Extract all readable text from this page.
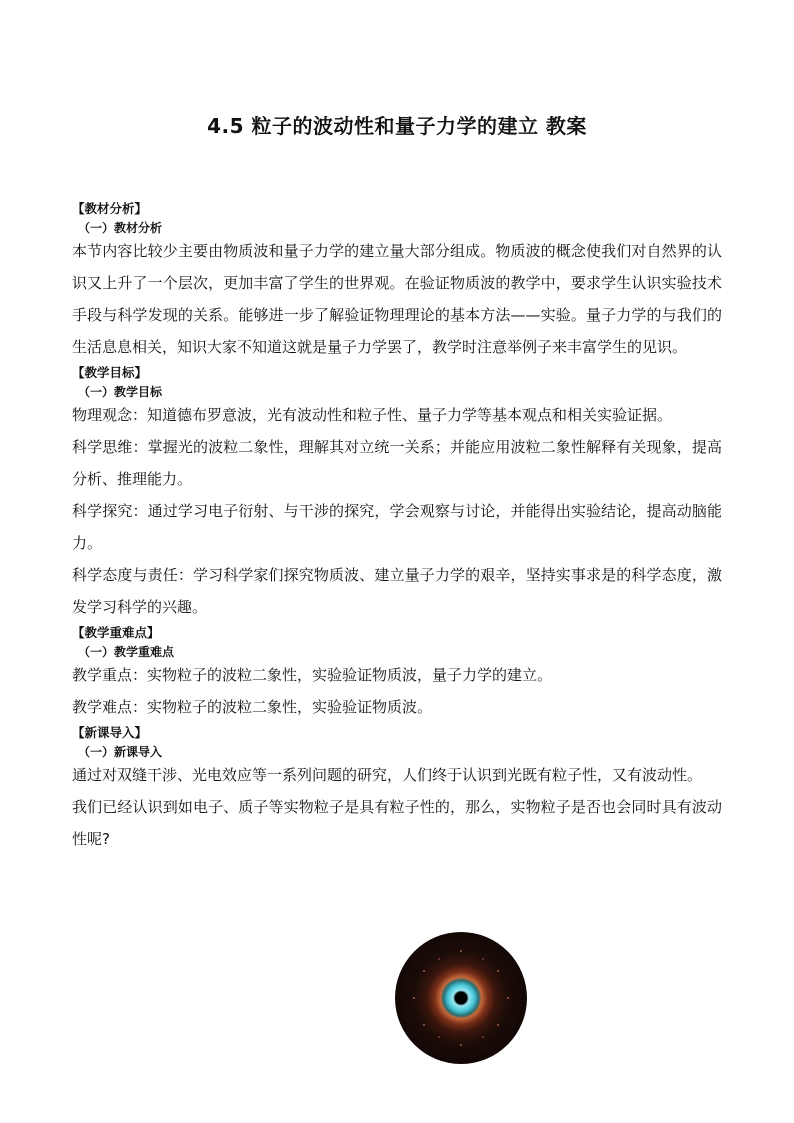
4.5 粒子的波动性和量子力学的建立 教案

【教材分析】

（一）教材分析

本节内容比较少主要由物质波和量子力学的建立量大部分组成。物质波的概念使我们对自然界的认识又上升了一个层次，更加丰富了学生的世界观。在验证物质波的教学中，要求学生认识实验技术手段与科学发现的关系。能够进一步了解验证物理理论的基本方法——实验。量子力学的与我们的生活息息相关，知识大家不知道这就是量子力学罢了，教学时注意举例子来丰富学生的见识。

【教学目标】

（一）教学目标

物理观念：知道德布罗意波，光有波动性和粒子性、量子力学等基本观点和相关实验证据。

科学思维：掌握光的波粒二象性，理解其对立统一关系；并能应用波粒二象性解释有关现象，提高分析、推理能力。

科学探究：通过学习电子衍射、与干涉的探究，学会观察与讨论，并能得出实验结论，提高动脑能力。

科学态度与责任：学习科学家们探究物质波、建立量子力学的艰辛，坚持实事求是的科学态度，激发学习科学的兴趣。

【教学重难点】

（一）教学重难点

教学重点：实物粒子的波粒二象性，实验验证物质波，量子力学的建立。

教学难点：实物粒子的波粒二象性，实验验证物质波。

【新课导入】

（一）新课导入

通过对双缝干涉、光电效应等一系列问题的研究，人们终于认识到光既有粒子性，又有波动性。

我们已经认识到如电子、质子等实物粒子是具有粒子性的，那么，实物粒子是否也会同时具有波动性呢?
